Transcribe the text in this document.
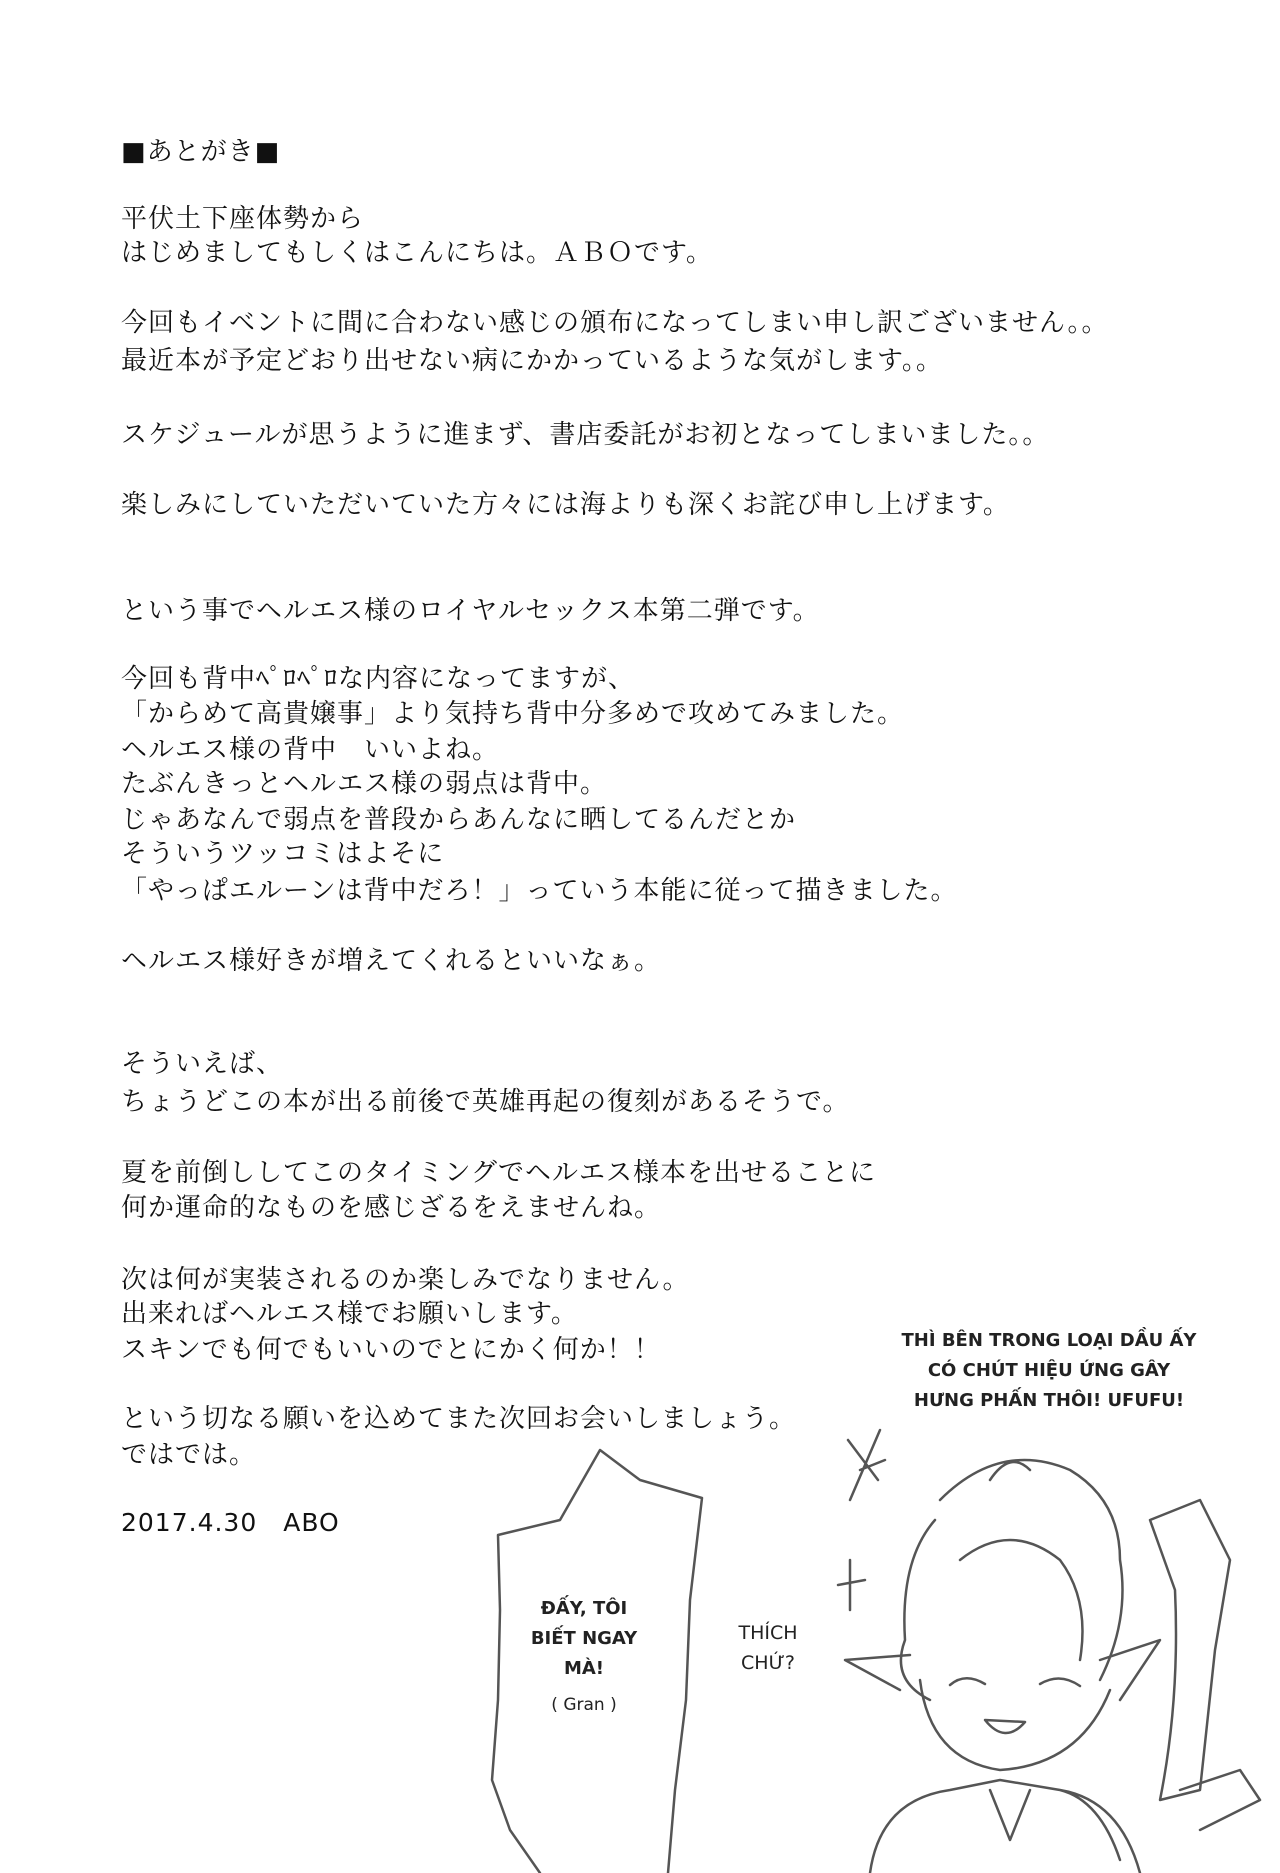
■あとがき■
平伏土下座体勢から
はじめましてもしくはこんにちは。ＡＢＯです。
今回もイベントに間に合わない感じの頒布になってしまい申し訳ございません。。
最近本が予定どおり出せない病にかかっているような気がします。。
スケジュールが思うように進まず、書店委託がお初となってしまいました。。
楽しみにしていただいていた方々には海よりも深くお詫び申し上げます。
という事でヘルエス様のロイヤルセックス本第二弾です。
今回も背中ﾍﾟﾛﾍﾟﾛな内容になってますが、
「からめて高貴嬢事」より気持ち背中分多めで攻めてみました。
ヘルエス様の背中　いいよね。
たぶんきっとヘルエス様の弱点は背中。
じゃあなんで弱点を普段からあんなに晒してるんだとか
そういうツッコミはよそに
「やっぱエルーンは背中だろ！」っていう本能に従って描きました。
ヘルエス様好きが増えてくれるといいなぁ。
そういえば、
ちょうどこの本が出る前後で英雄再起の復刻があるそうで。
夏を前倒ししてこのタイミングでヘルエス様本を出せることに
何か運命的なものを感じざるをえませんね。
次は何が実装されるのか楽しみでなりません。
出来ればヘルエス様でお願いします。
スキンでも何でもいいのでとにかく何か！！
という切なる願いを込めてまた次回お会いしましょう。
ではでは。
2017.4.30　ABO
THÌ BÊN TRONG LOẠI DẦU ẤY
CÓ CHÚT HIỆU ỨNG GÂY
HƯNG PHẤN THÔI! UFUFU!
ĐẤY, TÔI
BIẾT NGAY
MÀ!
( Gran )
THÍCH
CHỨ?
